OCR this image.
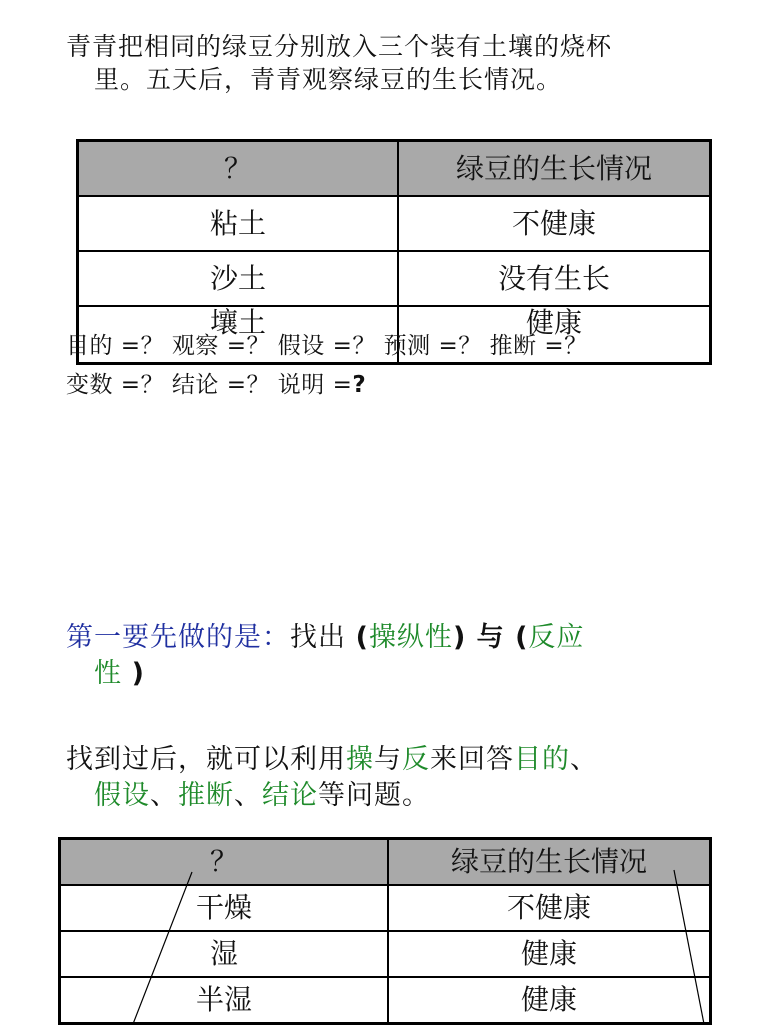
青青把相同的绿豆分别放入三个装有土壤的烧杯
里。五天后，青青观察绿豆的生长情况。
？	绿豆的生长情况
粘土	不健康
沙土	没有生长
壤土	健康
目的 =？ 观察 =？ 假设 =？ 预测 =？ 推断 =？
变数 =？ 结论 =？ 说明 =?
第一要先做的是：找出 (操纵性) 与 (反应
性 )
找到过后，就可以利用操与反来回答目的、
假设、推断、结论等问题。
？	绿豆的生长情况
干燥	不健康
湿	健康
半湿	健康
